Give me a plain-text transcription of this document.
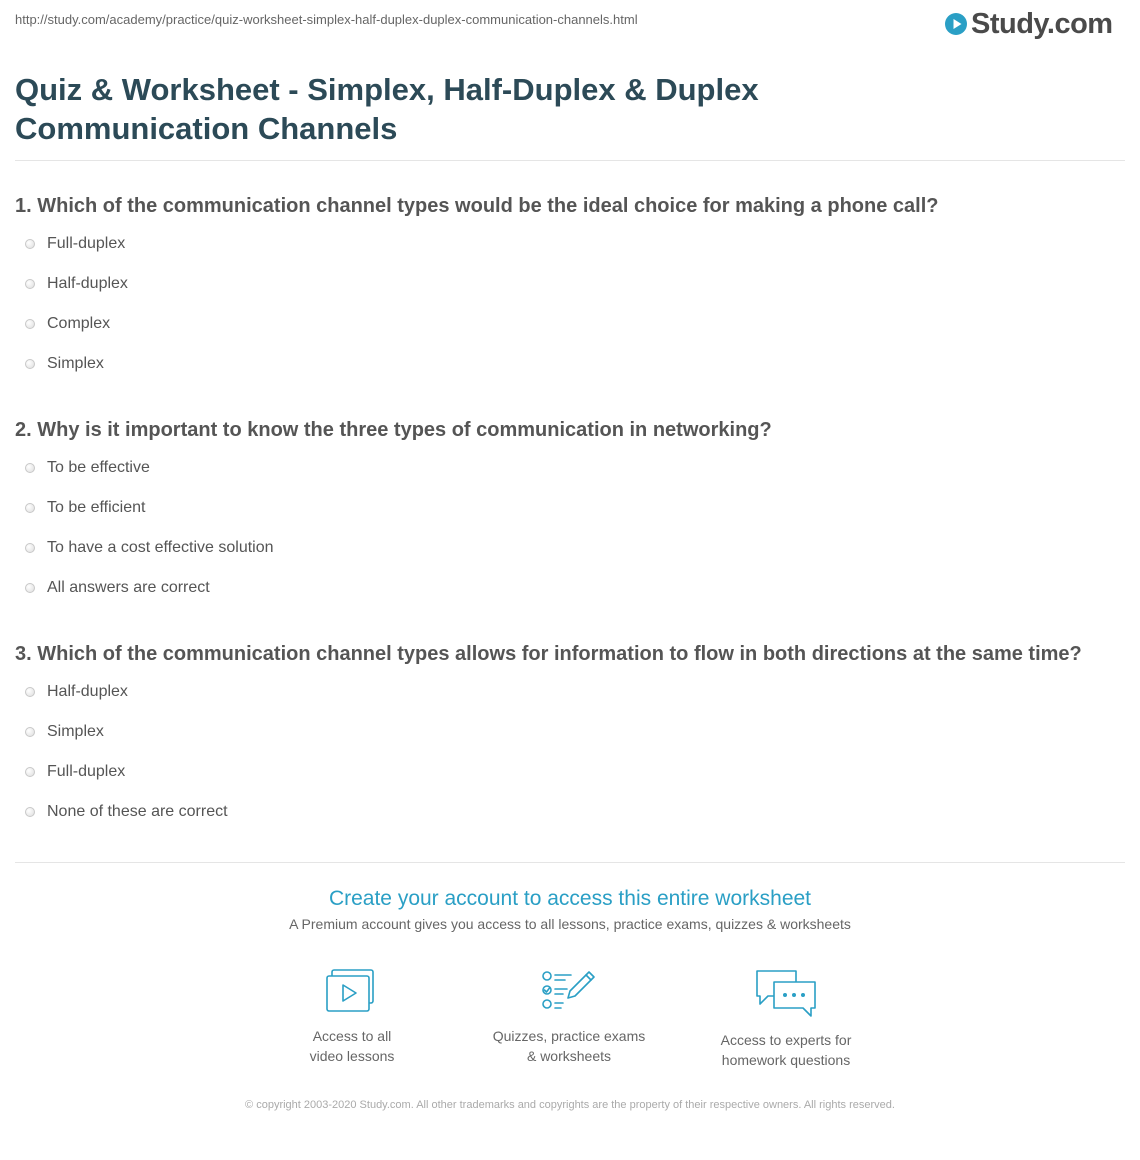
http://study.com/academy/practice/quiz-worksheet-simplex-half-duplex-duplex-communication-channels.html	Study.com
Quiz & Worksheet - Simplex, Half-Duplex & Duplex Communication Channels

1. Which of the communication channel types would be the ideal choice for making a phone call?

Full-duplex
Half-duplex
Complex
Simplex

2. Why is it important to know the three types of communication in networking?

To be effective
To be efficient
To have a cost effective solution
All answers are correct

3. Which of the communication channel types allows for information to flow in both directions at the same time?

Half-duplex
Simplex
Full-duplex
None of these are correct

Create your account to access this entire worksheet

A Premium account gives you access to all lessons, practice exams, quizzes & worksheets

Access to all
video lessons
Quizzes, practice exams
& worksheets
Access to experts for
homework questions
© copyright 2003-2020 Study.com. All other trademarks and copyrights are the property of their respective owners. All rights reserved.
